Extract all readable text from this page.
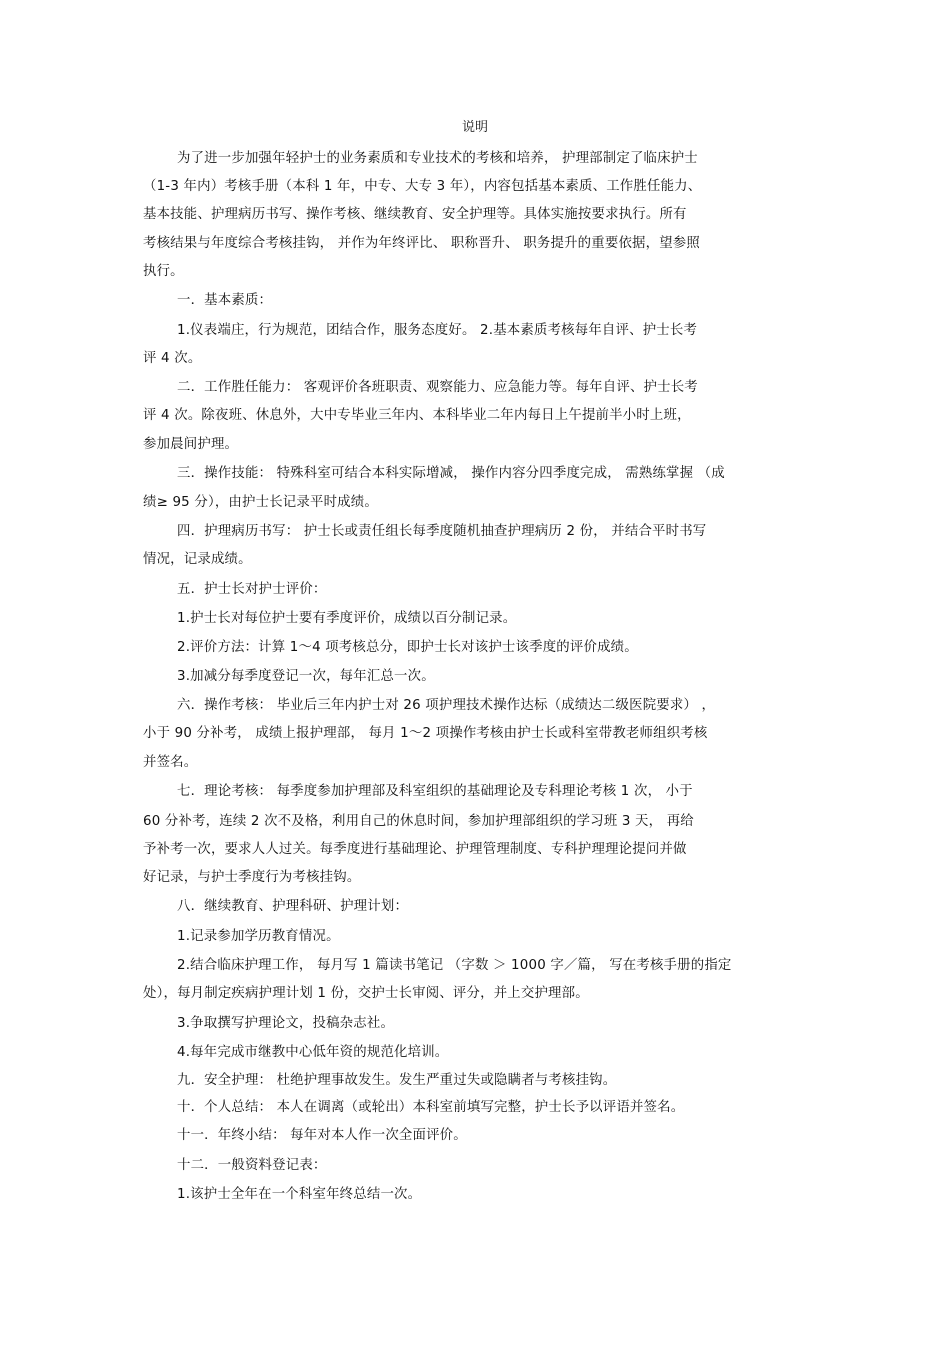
说明
为了进一步加强年轻护士的业务素质和专业技术的考核和培养， 护理部制定了临床护士
（1-3 年内）考核手册（本科 1 年，中专、大专 3 年），内容包括基本素质、工作胜任能力、
基本技能、护理病历书写、操作考核、继续教育、安全护理等。具体实施按要求执行。所有
考核结果与年度综合考核挂钩， 并作为年终评比、 职称晋升、 职务提升的重要依据，望参照
执行。
一．基本素质：
1.仪表端庄，行为规范，团结合作，服务态度好。 2.基本素质考核每年自评、护士长考
评 4 次。
二．工作胜任能力： 客观评价各班职责、观察能力、应急能力等。每年自评、护士长考
评 4 次。除夜班、休息外，大中专毕业三年内、本科毕业二年内每日上午提前半小时上班，
参加晨间护理。
三．操作技能： 特殊科室可结合本科实际增减， 操作内容分四季度完成， 需熟练掌握 （成
绩≥ 95 分），由护士长记录平时成绩。
四．护理病历书写： 护士长或责任组长每季度随机抽查护理病历 2 份， 并结合平时书写
情况，记录成绩。
五．护士长对护士评价：
1.护士长对每位护士要有季度评价，成绩以百分制记录。
2.评价方法：计算 1～4 项考核总分，即护士长对该护士该季度的评价成绩。
3.加减分每季度登记一次，每年汇总一次。
六．操作考核： 毕业后三年内护士对 26 项护理技术操作达标（成绩达二级医院要求） ，
小于 90 分补考， 成绩上报护理部， 每月 1～2 项操作考核由护士长或科室带教老师组织考核
并签名。
七．理论考核： 每季度参加护理部及科室组织的基础理论及专科理论考核 1 次， 小于
60 分补考，连续 2 次不及格，利用自己的休息时间，参加护理部组织的学习班 3 天， 再给
予补考一次，要求人人过关。每季度进行基础理论、护理管理制度、专科护理理论提问并做
好记录，与护士季度行为考核挂钩。
八．继续教育、护理科研、护理计划：
1.记录参加学历教育情况。
2.结合临床护理工作， 每月写 1 篇读书笔记 （字数 ＞ 1000 字／篇， 写在考核手册的指定
处），每月制定疾病护理计划 1 份，交护士长审阅、评分，并上交护理部。
3.争取撰写护理论文，投稿杂志社。
4.每年完成市继教中心低年资的规范化培训。
九．安全护理： 杜绝护理事故发生。发生严重过失或隐瞒者与考核挂钩。
十．个人总结： 本人在调离（或轮出）本科室前填写完整，护士长予以评语并签名。
十一．年终小结： 每年对本人作一次全面评价。
十二．一般资料登记表：
1.该护士全年在一个科室年终总结一次。
